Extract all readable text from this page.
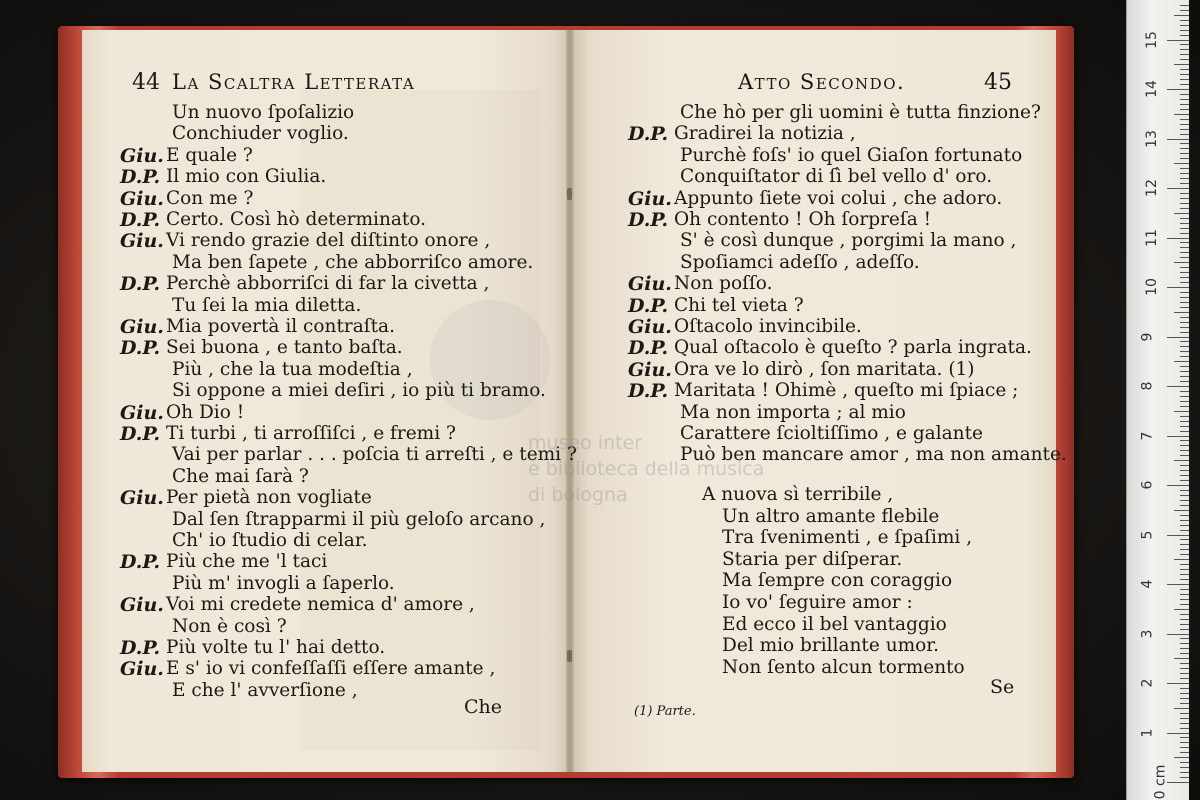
44 La Scaltra Letterata	Atto Secondo.	45
Un nuovo ſpoſalizio
Conchiuder voglio.
Giu. E quale ?
D.P. Il mio con Giulia.
Giu. Con me ?
D.P. Certo. Così hò determinato.
Giu. Vi rendo grazie del diſtinto onore ,
Ma ben ſapete , che abborriſco amore.
D.P. Perchè abborriſci di far la civetta ,
Tu ſei la mia diletta.
Giu. Mia povertà il contraſta.
D.P. Sei buona , e tanto baſta.
Più , che la tua modeſtia ,
Si oppone a miei deſiri , io più ti bramo.
Giu. Oh Dio !
D.P. Ti turbi , ti arroſſiſci , e fremi ?
Vai per parlar . . . poſcia ti arreſti , e temi ?
Che mai ſarà ?
Giu. Per pietà non vogliate
Dal ſen ſtrapparmi il più geloſo arcano ,
Ch' io ſtudio di celar.
D.P. Più che me 'l taci
Più m' invogli a ſaperlo.
Giu. Voi mi credete nemica d' amore ,
Non è così ?
D.P. Più volte tu l' hai detto.
Giu. E s' io vi confeſſaſſi eſſere amante ,
E che l' avverſione ,
Che hò per gli uomini è tutta finzione?
D.P. Gradirei la notizia ,
Purchè foſs' io quel Giaſon fortunato
Conquiſtator di ſì bel vello d' oro.
Giu. Appunto ſiete voi colui , che adoro.
D.P. Oh contento ! Oh ſorpreſa !
S' è così dunque , porgimi la mano ,
Spoſiamci adeſſo , adeſſo.
Giu. Non poſſo.
D.P. Chi tel vieta ?
Giu. Oſtacolo invincibile.
D.P. Qual oſtacolo è queſto ? parla ingrata.
Giu. Ora ve lo dirò , ſon maritata. (1)
D.P. Maritata ! Ohimè , queſto mi ſpiace ;
Ma non importa ; al mio
Carattere ſcioltiſſimo , e galante
Può ben mancare amor , ma non amante.
A nuova sì terribile ,
Un altro amante flebile
Tra ſvenimenti , e ſpaſimi ,
Staria per diſperar.
Ma ſempre con coraggio
Io vo' ſeguire amor :
Ed ecco il bel vantaggio
Del mio brillante umor.
Non ſento alcun tormento
Che
Se
(1) Parte.
museo inter
e biblioteca della musica
di bologna
0 cm
1
2
3
4
5
6
7
8
9
10
11
12
13
14
15
